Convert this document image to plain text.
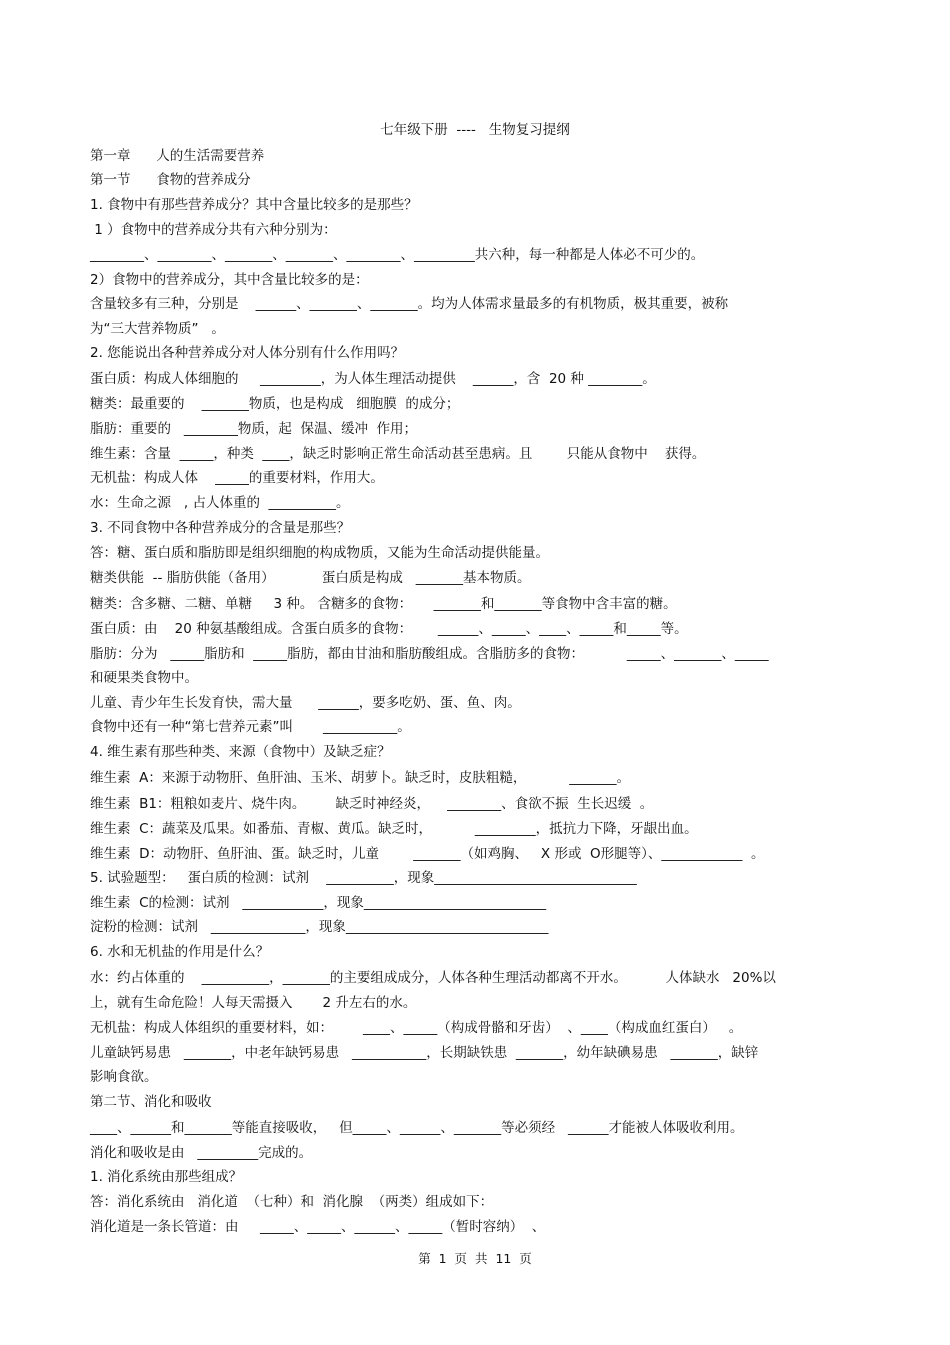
七年级下册  ----   生物复习提纲
第一章      人的生活需要营养
第一节      食物的营养成分
1. 食物中有那些营养成分？其中含量比较多的是那些？
1 ）食物中的营养成分共有六种分别为：
________、________、_______、_______、________、_________共六种，每一种都是人体必不可少的。
2）食物中的营养成分，其中含量比较多的是：
含量较多有三种，分别是    ______、_______、_______。均为人体需求量最多的有机物质，极其重要，被称
为“三大营养物质”   。
2. 您能说出各种营养成分对人体分别有什么作用吗？
蛋白质：构成人体细胞的     _________，为人体生理活动提供    ______，含  20 种 ________。
糖类：最重要的    _______物质，也是构成   细胞膜  的成分；
脂肪：重要的   ________物质，起  保温、缓冲  作用；
维生素：含量  _____，种类  ____，缺乏时影响正常生命活动甚至患病。且        只能从食物中    获得。
无机盐：构成人体    _____的重要材料，作用大。
水：生命之源   , 占人体重的  __________。
3. 不同食物中各种营养成分的含量是那些？
答：糖、蛋白质和脂肪即是组织细胞的构成物质，又能为生命活动提供能量。
糖类供能  -- 脂肪供能（备用）           蛋白质是构成   _______基本物质。
糖类：含多糖、二糖、单糖     3 种。 含糖多的食物：     _______和_______等食物中含丰富的糖。
蛋白质：由    20 种氨基酸组成。含蛋白质多的食物：      ______、_____、____、_____和_____等。
脂肪：分为   _____脂肪和  _____脂肪，都由甘油和脂肪酸组成。含脂肪多的食物：          _____、_______、_____
和硬果类食物中。
儿童、青少年生长发育快，需大量      ______，要多吃奶、蛋、鱼、肉。
食物中还有一种“第七营养元素”叫       ___________。
4. 维生素有那些种类、来源（食物中）及缺乏症？
维生素  A：来源于动物肝、鱼肝油、玉米、胡萝卜。缺乏时，皮肤粗糙，          _______。
维生素  B1：粗粮如麦片、烧牛肉。       缺乏时神经炎，    ________、食欲不振  生长迟缓  。
维生素  C：蔬菜及瓜果。如番茄、青椒、黄瓜。缺乏时，          _________，抵抗力下降，牙龈出血。
维生素  D：动物肝、鱼肝油、蛋。缺乏时，儿童        _______（如鸡胸、   X 形或  O形腿等）、____________  。
5. 试验题型：   蛋白质的检测：试剂    __________，现象______________________________
维生素  C的检测：试剂   ____________，现象___________________________
淀粉的检测：试剂   ______________，现象______________________________
6. 水和无机盐的作用是什么？
水：约占体重的    __________，_______的主要组成成分，人体各种生理活动都离不开水。         人体缺水   20%以
上，就有生命危险！人每天需摄入       2 升左右的水。
无机盐：构成人体组织的重要材料，如：       ____、_____（构成骨骼和牙齿）  、____（构成血红蛋白）   。
儿童缺钙易患   _______，中老年缺钙易患   ___________，长期缺铁患  _______，幼年缺碘易患   _______，缺锌
影响食欲。
第二节、消化和吸收
____、______和_______等能直接吸收，   但_____、______、_______等必须经   ______才能被人体吸收利用。
消化和吸收是由   _________完成的。
1. 消化系统由那些组成？
答：消化系统由   消化道  （七种）和  消化腺  （两类）组成如下：
消化道是一条长管道：由     _____、_____、______、_____（暂时容纳）  、
第  1  页  共  11  页
